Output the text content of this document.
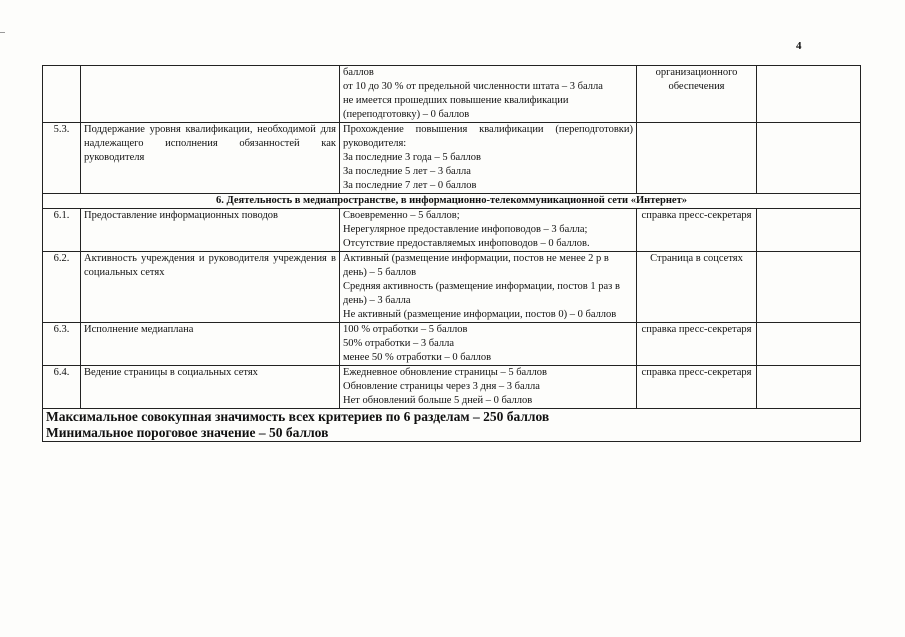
4

		баллов
от 10 до 30 % от предельной численности штата – 3 балла
не имеется прошедших повышение квалификации (переподготовку) – 0 баллов	организационного обеспечения	
5.3.	Поддержание уровня квалификации, необходимой для надлежащего исполнения обязанностей как руководителя	Прохождение повышения квалификации (переподготовки) руководителя:
За последние 3 года – 5 баллов
За последние 5 лет – 3 балла
За последние 7 лет – 0 баллов		

6. Деятельность в медиапространстве, в информационно-телекоммуникационной сети «Интернет»				
6.1.	Предоставление информационных поводов	Своевременно – 5 баллов;
Нерегулярное предоставление инфоповодов – 3 балла;
Отсутствие предоставляемых инфоповодов – 0 баллов.	справка пресс-секретаря	
6.2.	Активность учреждения и руководителя учреждения в социальных сетях	Активный (размещение информации, постов не менее 2 р в день) – 5 баллов
Средняя активность (размещение информации, постов 1 раз в день) – 3 балла
Не активный (размещение информации, постов 0) – 0 баллов	Страница в соцсетях	
6.3.	Исполнение медиаплана	100 % отработки – 5 баллов
50% отработки – 3 балла
менее 50 % отработки – 0 баллов	справка пресс-секретаря	
6.4.	Ведение страницы в социальных сетях	Ежедневное обновление страницы – 5 баллов
Обновление страницы через 3 дня – 3 балла
Нет обновлений больше 5 дней – 0 баллов	справка пресс-секретаря	

Максимальное совокупная значимость всех критериев по 6 разделам – 250 баллов
Минимальное пороговое значение – 50 баллов				
